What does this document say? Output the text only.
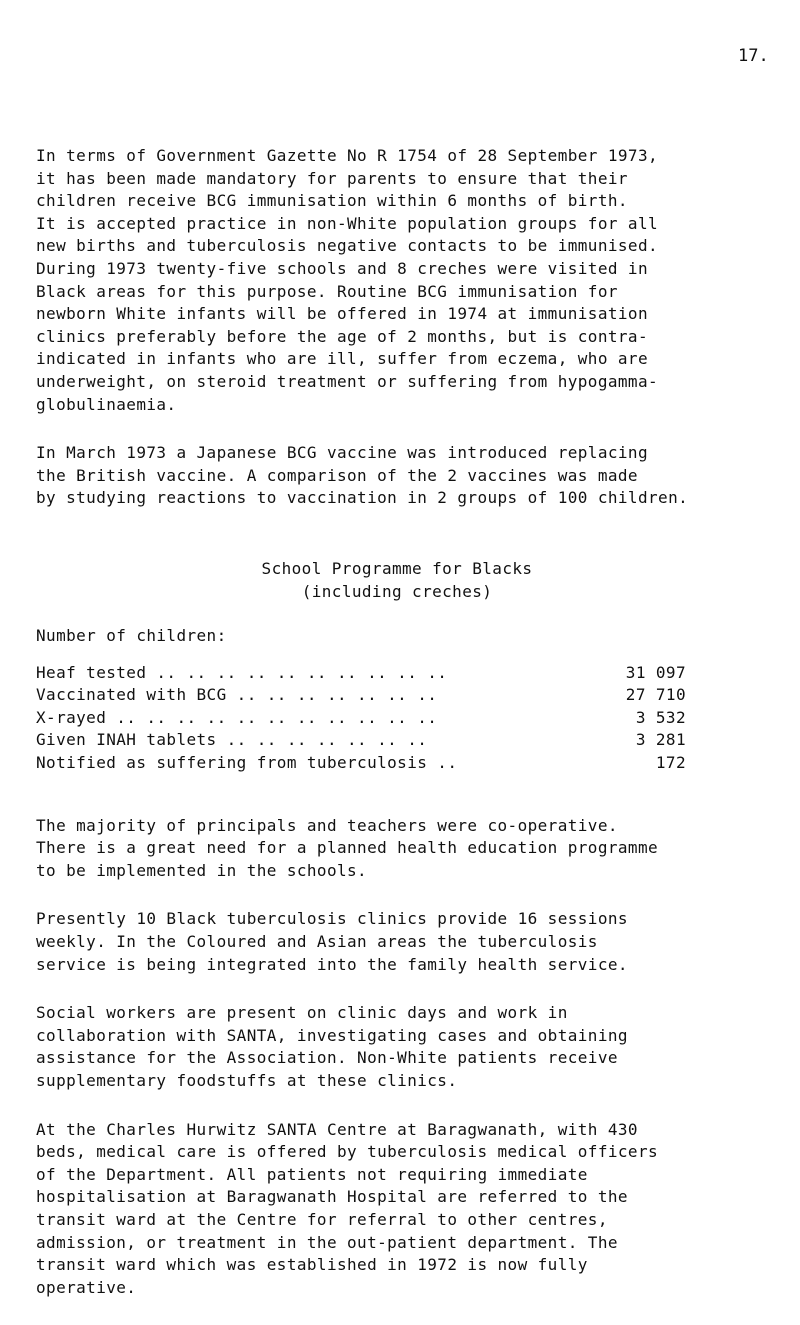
17.
In terms of Government Gazette No R 1754 of 28 September 1973,
it has been made mandatory for parents to ensure that their
children receive BCG immunisation within 6 months of birth.
It is accepted practice in non-White population groups for all
new births and tuberculosis negative contacts to be immunised.
During 1973 twenty-five schools and 8 creches were visited in
Black areas for this purpose. Routine BCG immunisation for
newborn White infants will be offered in 1974 at immunisation
clinics preferably before the age of 2 months, but is contra-
indicated in infants who are ill, suffer from eczema, who are
underweight, on steroid treatment or suffering from hypogamma-
globulinaemia.
In March 1973 a Japanese BCG vaccine was introduced replacing
the British vaccine. A comparison of the 2 vaccines was made
by studying reactions to vaccination in 2 groups of 100 children.
School Programme for Blacks
(including creches)
Number of children:
Heaf tested .. .. .. .. .. .. .. .. .. ..	31 097
Vaccinated with BCG .. .. .. .. .. .. ..	27 710
X-rayed .. .. .. .. .. .. .. .. .. .. ..	3 532
Given INAH tablets .. .. .. .. .. .. ..	3 281
Notified as suffering from tuberculosis ..	172
The majority of principals and teachers were co-operative.
There is a great need for a planned health education programme
to be implemented in the schools.
Presently 10 Black tuberculosis clinics provide 16 sessions
weekly. In the Coloured and Asian areas the tuberculosis
service is being integrated into the family health service.
Social workers are present on clinic days and work in
collaboration with SANTA, investigating cases and obtaining
assistance for the Association. Non-White patients receive
supplementary foodstuffs at these clinics.
At the Charles Hurwitz SANTA Centre at Baragwanath, with 430
beds, medical care is offered by tuberculosis medical officers
of the Department. All patients not requiring immediate
hospitalisation at Baragwanath Hospital are referred to the
transit ward at the Centre for referral to other centres,
admission, or treatment in the out-patient department. The
transit ward which was established in 1972 is now fully
operative.
